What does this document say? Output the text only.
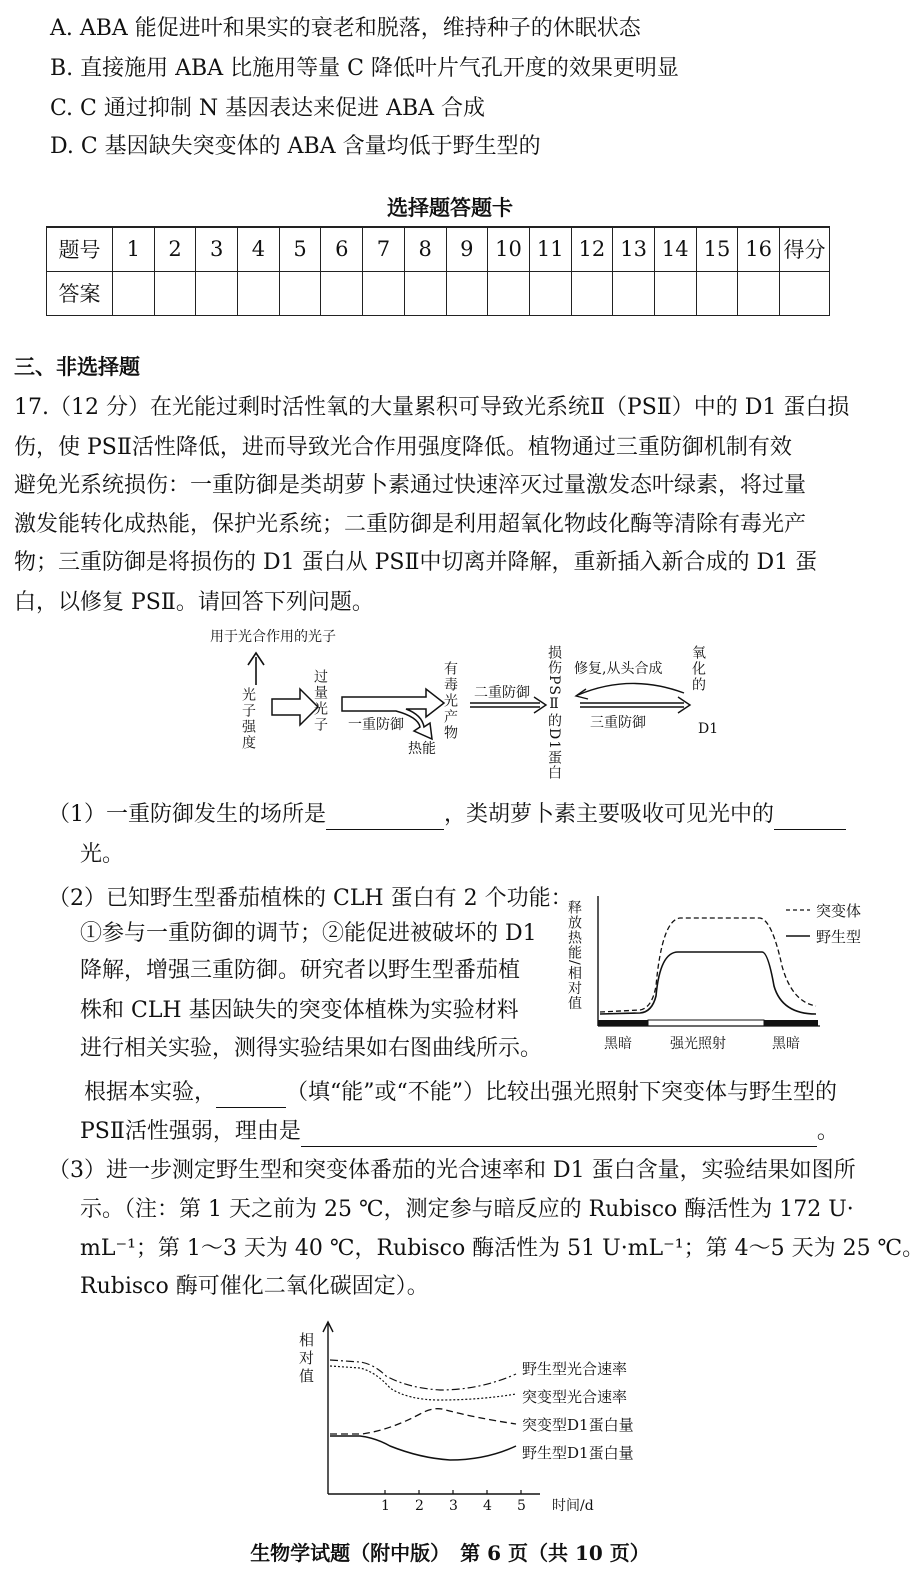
A. ABA 能促进叶和果实的衰老和脱落，维持种子的休眠状态
B. 直接施用 ABA 比施用等量 C 降低叶片气孔开度的效果更明显
C. C 通过抑制 N 基因表达来促进 ABA 合成
D. C 基因缺失突变体的 ABA 含量均低于野生型的
选择题答题卡
题号	1	2	3	4	5	6	7	8	9	10	11	12	13	14	15	16	得分
答案																	
三、非选择题
17.（12 分）在光能过剩时活性氧的大量累积可导致光系统Ⅱ（PSⅡ）中的 D1 蛋白损
伤，使 PSⅡ活性降低，进而导致光合作用强度降低。植物通过三重防御机制有效
避免光系统损伤：一重防御是类胡萝卜素通过快速淬灭过量激发态叶绿素，将过量
激发能转化成热能，保护光系统；二重防御是利用超氧化物歧化酶等清除有毒光产
物；三重防御是将损伤的 D1 蛋白从 PSⅡ中切离并降解，重新插入新合成的 D1 蛋
白，以修复 PSⅡ。请回答下列问题。
用于光合作用的光子
光子强度	过量光子 一重防御
热能
有毒光产物 二重防御 损伤PSⅡ的D1蛋白 修复,从头合成
三重防御
氧化的
D1
（1）一重防御发生的场所是	，类胡萝卜素主要吸收可见光中的
光。
（2）已知野生型番茄植株的 CLH 蛋白有 2 个功能：
①参与一重防御的调节；②能促进被破坏的 D1
降解，增强三重防御。研究者以野生型番茄植
株和 CLH 基因缺失的突变体植株为实验材料
进行相关实验，测得实验结果如右图曲线所示。
释放热能/相对值	突变体
野生型
黑暗	强光照射	黑暗
根据本实验，	（填“能”或“不能”）比较出强光照射下突变体与野生型的
PSⅡ活性强弱，理由是	。
（3）进一步测定野生型和突变体番茄的光合速率和 D1 蛋白含量，实验结果如图所
示。（注：第 1 天之前为 25 ℃，测定参与暗反应的 Rubisco 酶活性为 172 U·
mL⁻¹；第 1～3 天为 40 ℃，Rubisco 酶活性为 51 U·mL⁻¹；第 4～5 天为 25 ℃。
Rubisco 酶可催化二氧化碳固定）。
相对值
1 2 3 4 5 时间/d
野生型光合速率
突变型光合速率
突变型D1蛋白量
野生型D1蛋白量
生物学试题（附中版）　第 6 页（共 10 页）
